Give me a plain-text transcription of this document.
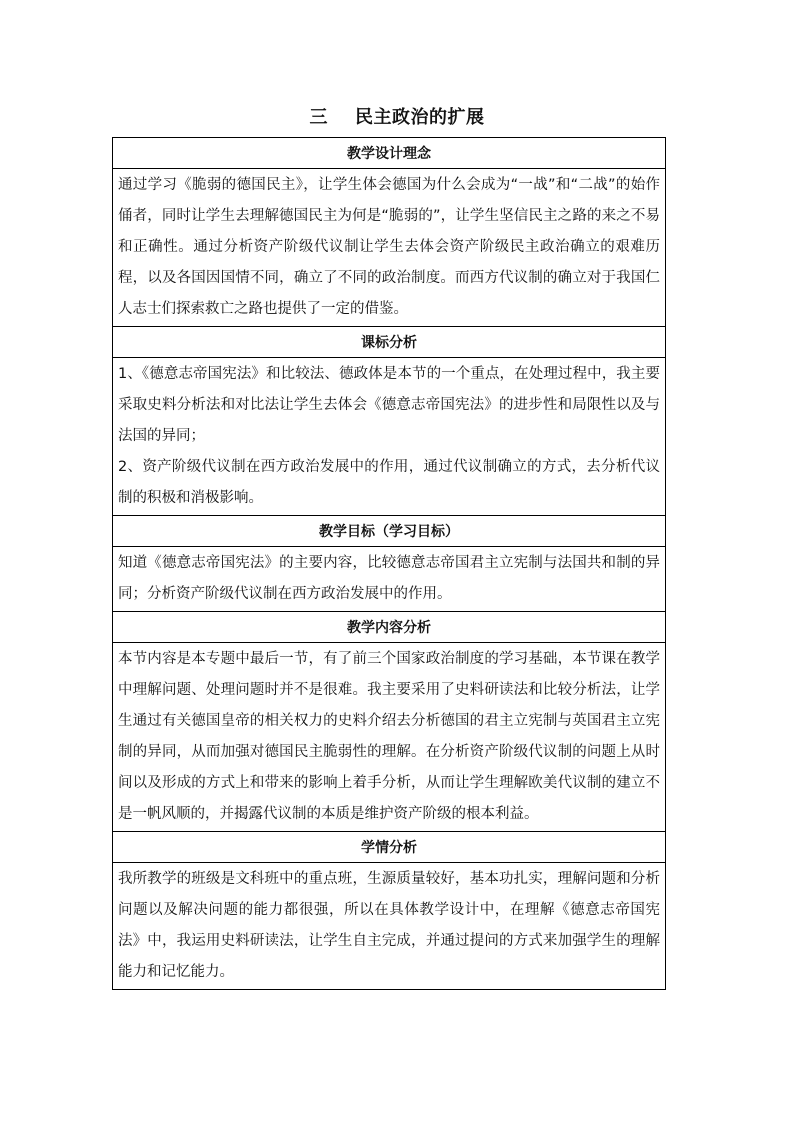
三    民主政治的扩展
教学设计理念

通过学习《脆弱的德国民主》，让学生体会德国为什么会成为“一战”和“二战”的始作俑者，同时让学生去理解德国民主为何是“脆弱的”，让学生坚信民主之路的来之不易和正确性。通过分析资产阶级代议制让学生去体会资产阶级民主政治确立的艰难历程，以及各国因国情不同，确立了不同的政治制度。而西方代议制的确立对于我国仁人志士们探索救亡之路也提供了一定的借鉴。

课标分析

1、《德意志帝国宪法》和比较法、德政体是本节的一个重点，在处理过程中，我主要采取史料分析法和对比法让学生去体会《德意志帝国宪法》的进步性和局限性以及与法国的异同；

2、资产阶级代议制在西方政治发展中的作用，通过代议制确立的方式，去分析代议制的积极和消极影响。

教学目标（学习目标）

知道《德意志帝国宪法》的主要内容，比较德意志帝国君主立宪制与法国共和制的异同；分析资产阶级代议制在西方政治发展中的作用。

教学内容分析

本节内容是本专题中最后一节，有了前三个国家政治制度的学习基础，本节课在教学中理解问题、处理问题时并不是很难。我主要采用了史料研读法和比较分析法，让学生通过有关德国皇帝的相关权力的史料介绍去分析德国的君主立宪制与英国君主立宪制的异同，从而加强对德国民主脆弱性的理解。在分析资产阶级代议制的问题上从时间以及形成的方式上和带来的影响上着手分析，从而让学生理解欧美代议制的建立不是一帆风顺的，并揭露代议制的本质是维护资产阶级的根本利益。

学情分析

我所教学的班级是文科班中的重点班，生源质量较好，基本功扎实，理解问题和分析问题以及解决问题的能力都很强，所以在具体教学设计中，在理解《德意志帝国宪法》中，我运用史料研读法，让学生自主完成，并通过提问的方式来加强学生的理解能力和记忆能力。
